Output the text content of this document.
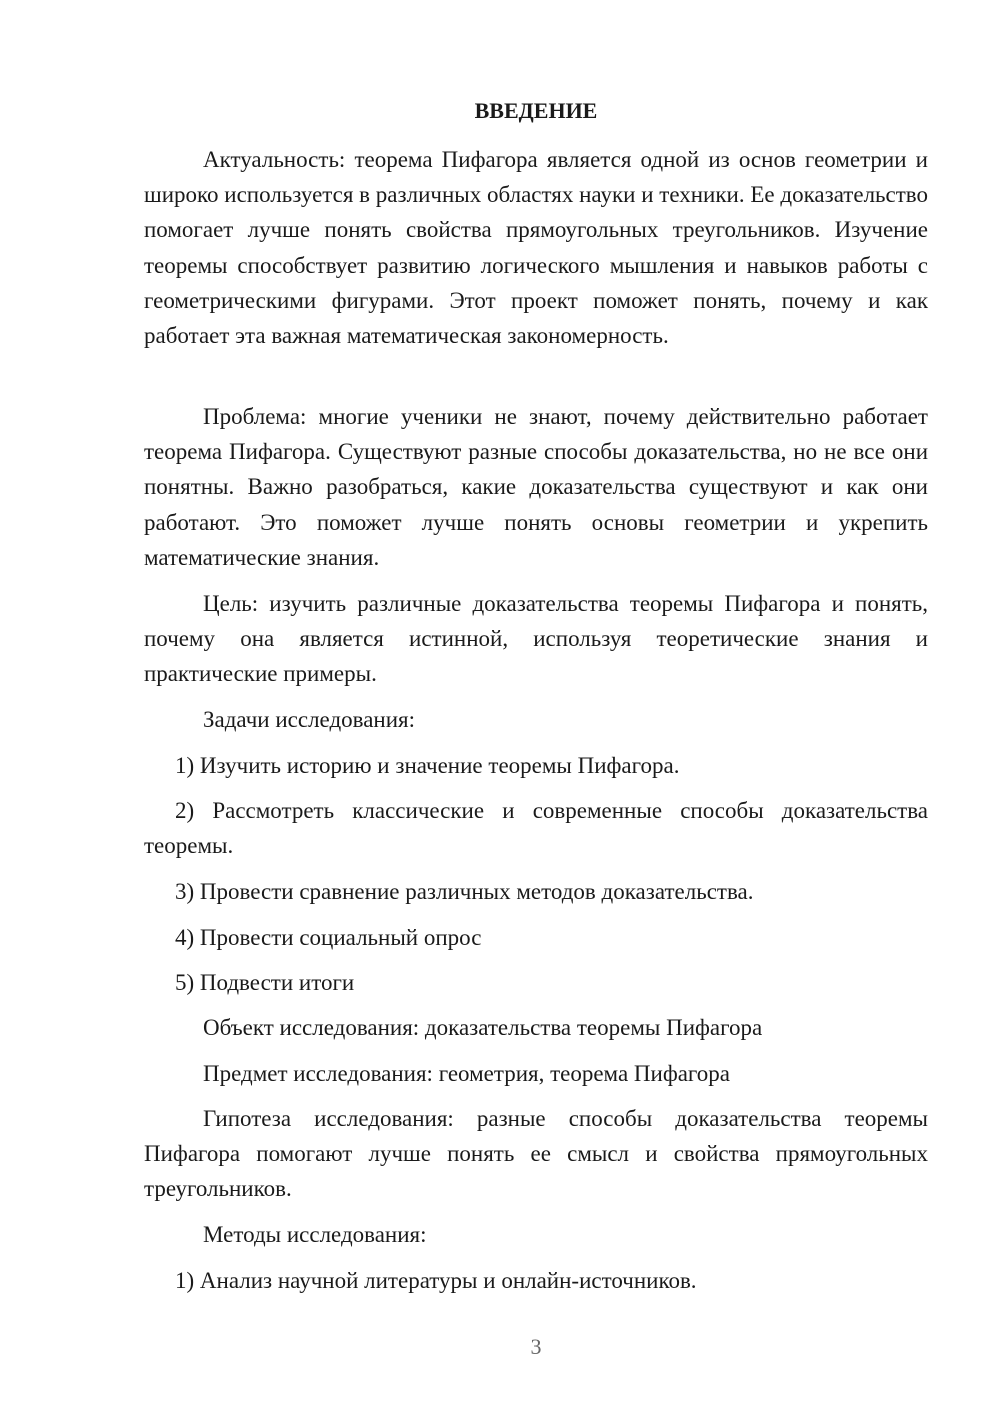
ВВЕДЕНИЕ

Актуальность: теорема Пифагора является одной из основ геометрии и широко используется в различных областях науки и техники. Ее доказательство помогает лучше понять свойства прямоугольных треугольников. Изучение теоремы способствует развитию логического мышления и навыков работы с геометрическими фигурами. Этот проект поможет понять, почему и как работает эта важная математическая закономерность.

Проблема: многие ученики не знают, почему действительно работает теорема Пифагора. Существуют разные способы доказательства, но не все они понятны. Важно разобраться, какие доказательства существуют и как они работают. Это поможет лучше понять основы геометрии и укрепить математические знания.

Цель: изучить различные доказательства теоремы Пифагора и понять, почему она является истинной, используя теоретические знания и практические примеры.

Задачи исследования:

1) Изучить историю и значение теоремы Пифагора.

2) Рассмотреть классические и современные способы доказательства теоремы.

3) Провести сравнение различных методов доказательства.

4) Провести социальный опрос

5) Подвести итоги

Объект исследования: доказательства теоремы Пифагора

Предмет исследования: геометрия, теорема Пифагора

Гипотеза исследования: разные способы доказательства теоремы Пифагора помогают лучше понять ее смысл и свойства прямоугольных треугольников.

Методы исследования:

1) Анализ научной литературы и онлайн-источников.

3
